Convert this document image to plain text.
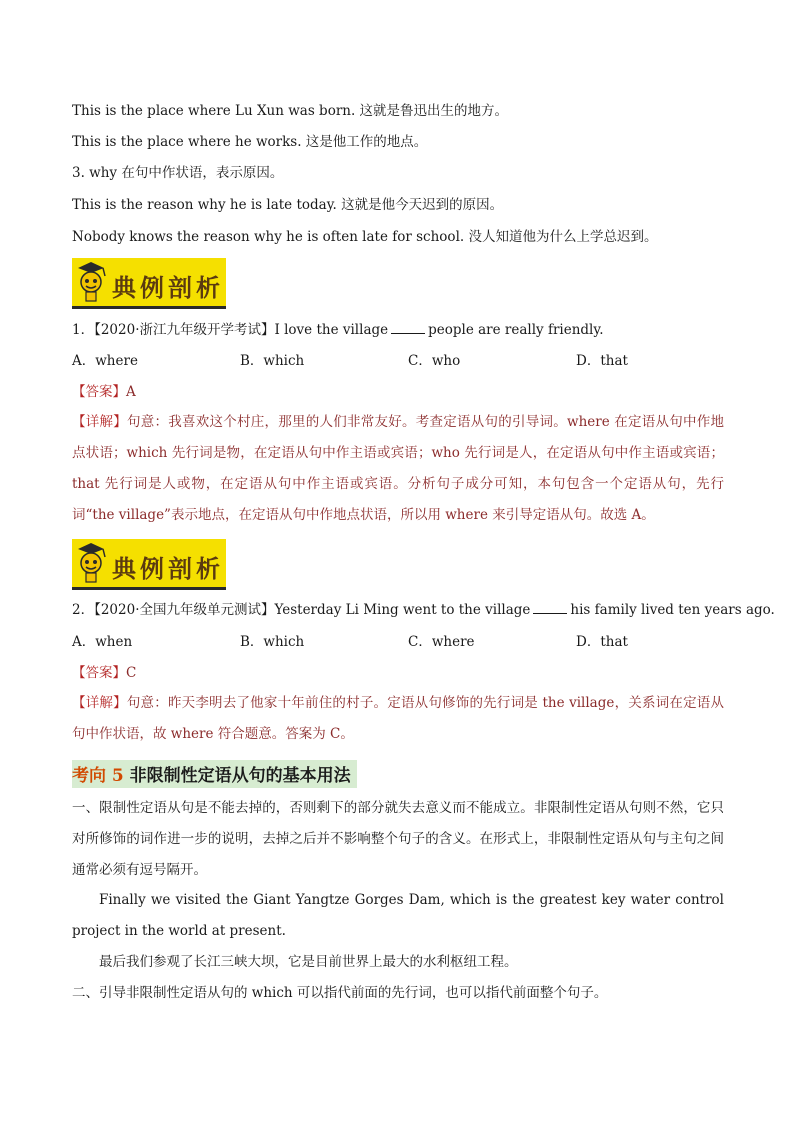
This is the place where Lu Xun was born. 这就是鲁迅出生的地方。
This is the place where he works. 这是他工作的地点。
3. why 在句中作状语，表示原因。
This is the reason why he is late today. 这就是他今天迟到的原因。
Nobody knows the reason why he is often late for school. 没人知道他为什么上学总迟到。
典例剖析
1．【2020·浙江九年级开学考试】I love the village	people are really friendly.
A．where	B．which	C．who	D．that
【答案】A
【详解】句意：我喜欢这个村庄，那里的人们非常友好。考查定语从句的引导词。where 在定语从句中作地点状语；which 先行词是物，在定语从句中作主语或宾语；who 先行词是人，在定语从句中作主语或宾语；that 先行词是人或物，在定语从句中作主语或宾语。分析句子成分可知，本句包含一个定语从句，先行词“the village”表示地点，在定语从句中作地点状语，所以用 where 来引导定语从句。故选 A。
典例剖析
2．【2020·全国九年级单元测试】Yesterday Li Ming went to the village	his family lived ten years ago.
A．when	B．which	C．where	D．that
【答案】C
【详解】句意：昨天李明去了他家十年前住的村子。定语从句修饰的先行词是 the village，关系词在定语从句中作状语，故 where 符合题意。答案为 C。
考向 5 非限制性定语从句的基本用法
一、限制性定语从句是不能去掉的，否则剩下的部分就失去意义而不能成立。非限制性定语从句则不然，它只对所修饰的词作进一步的说明，去掉之后并不影响整个句子的含义。在形式上，非限制性定语从句与主句之间通常必须有逗号隔开。
Finally we visited the Giant Yangtze Gorges Dam, which is the greatest key water control project in the world at present.
最后我们参观了长江三峡大坝，它是目前世界上最大的水利枢纽工程。
二、引导非限制性定语从句的 which 可以指代前面的先行词，也可以指代前面整个句子。
